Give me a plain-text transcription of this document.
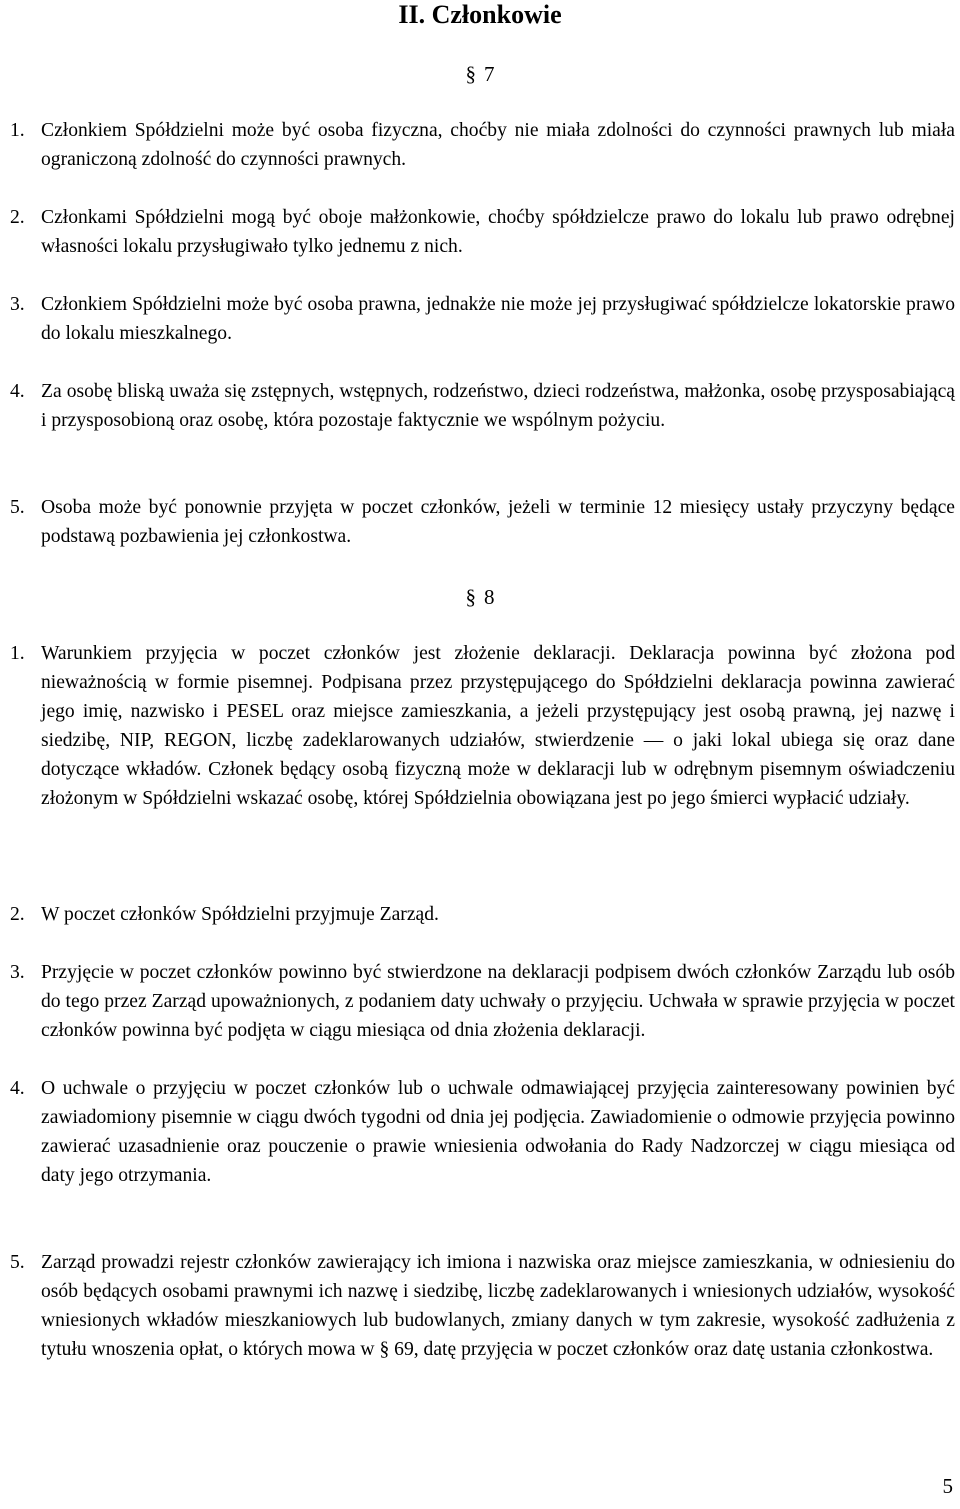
II. Członkowie
§ 7
1. Członkiem Spółdzielni może być osoba fizyczna, choćby nie miała zdolności do czynności prawnych lub miała ograniczoną zdolność do czynności prawnych.
2. Członkami Spółdzielni mogą być oboje małżonkowie, choćby spółdzielcze prawo do lokalu lub prawo odrębnej własności lokalu przysługiwało tylko jednemu z nich.
3. Członkiem Spółdzielni może być osoba prawna, jednakże nie może jej przysługiwać spółdzielcze lokatorskie prawo do lokalu mieszkalnego.
4. Za osobę bliską uważa się zstępnych, wstępnych, rodzeństwo, dzieci rodzeństwa, małżonka, osobę przysposabiającą i przysposobioną oraz osobę, która pozostaje faktycznie we wspólnym pożyciu.
5. Osoba może być ponownie przyjęta w poczet członków, jeżeli w terminie 12 miesięcy ustały przyczyny będące podstawą pozbawienia jej członkostwa.
§ 8
1. Warunkiem przyjęcia w poczet członków jest złożenie deklaracji. Deklaracja powinna być złożona pod nieważnością w formie pisemnej. Podpisana przez przystępującego do Spółdzielni deklaracja powinna zawierać jego imię, nazwisko i PESEL oraz miejsce zamieszkania, a jeżeli przystępujący jest osobą prawną, jej nazwę i siedzibę, NIP, REGON, liczbę zadeklarowanych udziałów, stwierdzenie — o jaki lokal ubiega się oraz dane dotyczące wkładów. Członek będący osobą fizyczną może w deklaracji lub w odrębnym pisemnym oświadczeniu złożonym w Spółdzielni wskazać osobę, której Spółdzielnia obowiązana jest po jego śmierci wypłacić udziały.
2. W poczet członków Spółdzielni przyjmuje Zarząd.
3. Przyjęcie w poczet członków powinno być stwierdzone na deklaracji podpisem dwóch członków Zarządu lub osób do tego przez Zarząd upoważnionych, z podaniem daty uchwały o przyjęciu. Uchwała w sprawie przyjęcia w poczet członków powinna być podjęta w ciągu miesiąca od dnia złożenia deklaracji.
4. O uchwale o przyjęciu w poczet członków lub o uchwale odmawiającej przyjęcia zainteresowany powinien być zawiadomiony pisemnie w ciągu dwóch tygodni od dnia jej podjęcia. Zawiadomienie o odmowie przyjęcia powinno zawierać uzasadnienie oraz pouczenie o prawie wniesienia odwołania do Rady Nadzorczej w ciągu miesiąca od daty jego otrzymania.
5. Zarząd prowadzi rejestr członków zawierający ich imiona i nazwiska oraz miejsce zamieszkania, w odniesieniu do osób będących osobami prawnymi ich nazwę i siedzibę, liczbę zadeklarowanych i wniesionych udziałów, wysokość wniesionych wkładów mieszkaniowych lub budowlanych, zmiany danych w tym zakresie, wysokość zadłużenia z tytułu wnoszenia opłat, o których mowa w § 69, datę przyjęcia w poczet członków oraz datę ustania członkostwa.
5
